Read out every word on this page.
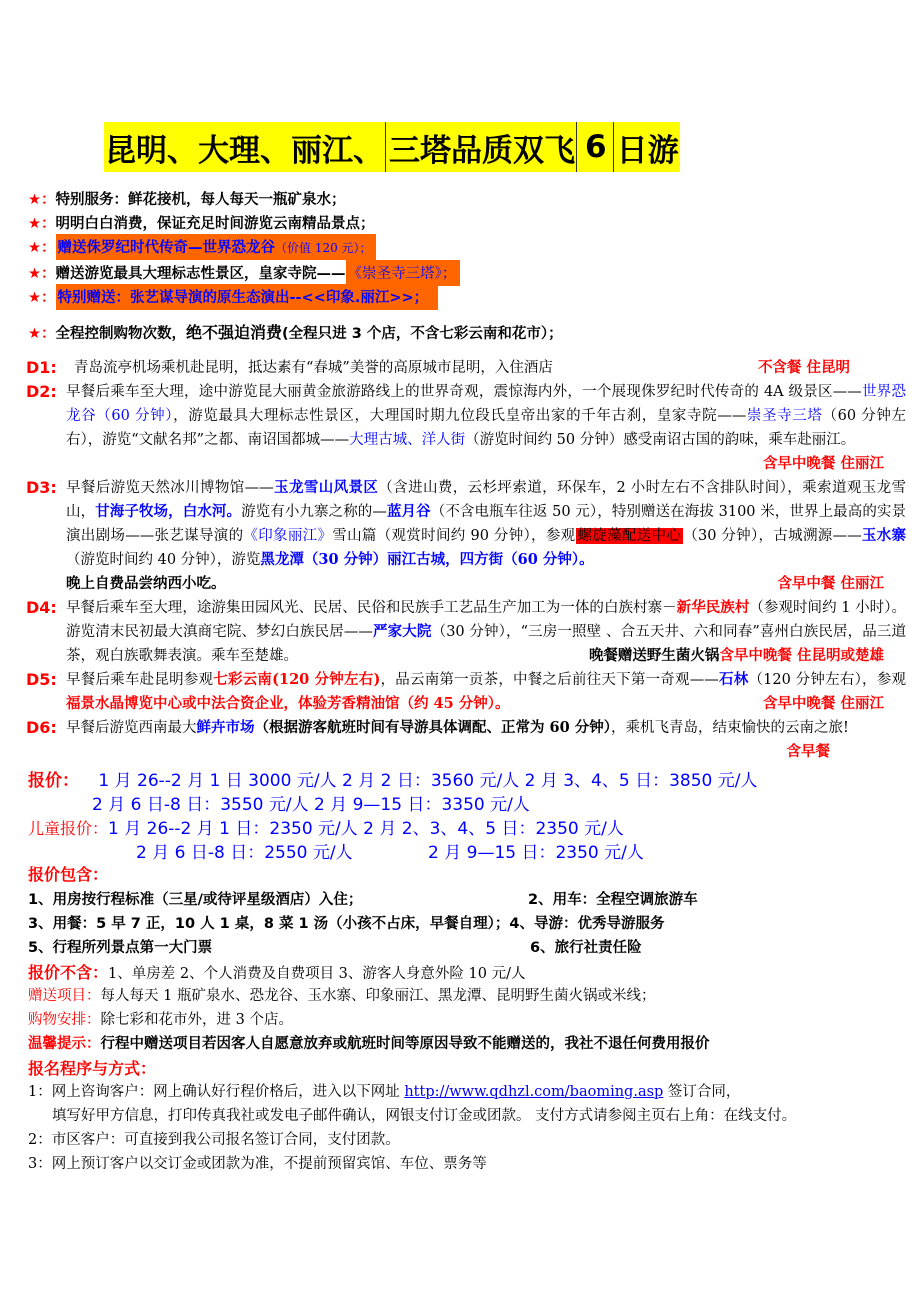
昆明、大理、丽江、 三塔品质双飞 6 日游
★：特别服务：鲜花接机，每人每天一瓶矿泉水；
★：明明白白消费，保证充足时间游览云南精品景点；
★： 赠送侏罗纪时代传奇—世界恐龙谷（价值 120 元）；
★：赠送游览最具大理标志性景区，皇家寺院—— 《崇圣寺三塔》；
★： 特别赠送：张艺谋导演的原生态演出--<<印象.丽江>>；
★：全程控制购物次数，绝不强迫消费(全程只进 3 个店，不含七彩云南和花市）；
D1:	不含餐 住昆明
青岛流亭机场乘机赴昆明，抵达素有“春城”美誉的高原城市昆明，入住酒店
D2: 早餐后乘车至大理，途中游览昆大丽黄金旅游路线上的世界奇观，震惊海内外，一个展现侏罗纪时代传奇的 4A 级景区——世界恐龙谷（60 分钟），游览最具大理标志性景区，大理国时期九位段氏皇帝出家的千年古刹，皇家寺院——崇圣寺三塔（60 分钟左右），游览“文献名邦”之都、南诏国都城——大理古城、洋人街（游览时间约 50 分钟）感受南诏古国的韵味，乘车赴丽江。
含早中晚餐 住丽江
D3: 早餐后游览天然冰川博物馆——玉龙雪山风景区（含进山费，云杉坪索道，环保车，2 小时左右不含排队时间），乘索道观玉龙雪山，甘海子牧场，白水河。游览有小九寨之称的—蓝月谷（不含电瓶车往返 50 元），特别赠送在海拔 3100 米，世界上最高的实景演出剧场——张艺谋导演的《印象丽江》雪山篇（观赏时间约 90 分钟），参观 螺旋藻配送中心 （30 分钟），古城溯源——玉水寨（游览时间约 40 分钟），游览黑龙潭（30 分钟）丽江古城，四方街（60 分钟）。
晚上自费品尝纳西小吃。	含早中餐 住丽江
D4: 早餐后乘车至大理，途游集田园风光、民居、民俗和民族手工艺品生产加工为一体的白族村寨－新华民族村（参观时间约 1 小时）。游览清末民初最大滇商宅院、梦幻白族民居——严家大院（30 分钟），“三房一照壁 、合五天井、六和同春”喜州白族民居，品三道茶，观白族歌舞表演。乘车至楚雄。	含早中晚餐 住昆明或楚雄
晚餐赠送野生菌火锅
D5: 早餐后乘车赴昆明参观七彩云南(120 分钟左右)，品云南第一贡茶，中餐之后前往天下第一奇观——石林（120 分钟左右），参观福景水晶博览中心或中法合资企业，体验芳香精油馆（约 45 分钟）。	含早中晚餐 住丽江
D6: 早餐后游览西南最大鲜卉市场（根据游客航班时间有导游具体调配、正常为 60 分钟），乘机飞青岛，结束愉快的云南之旅!
含早餐
报价： 1 月 26--2 月 1 日 3000 元/人 2 月 2 日：3560 元/人 2 月 3、4、5 日：3850 元/人
2 月 6 日-8 日：3550 元/人 2 月 9—15 日：3350 元/人
儿童报价：1 月 26--2 月 1 日：2350 元/人 2 月 2、3、4、5 日：2350 元/人
2 月 6 日-8 日：2550 元/人	2 月 9—15 日：2350 元/人
报价包含：
1、用房按行程标准（三星/或待评星级酒店）入住；	2、用车：全程空调旅游车
3、用餐：5 早 7 正，10 人 1 桌，8 菜 1 汤（小孩不占床，早餐自理）；4、导游：优秀导游服务
5、行程所列景点第一大门票	6、旅行社责任险
报价不含：1、单房差 2、个人消费及自费项目 3、游客人身意外险 10 元/人
赠送项目：每人每天 1 瓶矿泉水、恐龙谷、玉水寨、印象丽江、黑龙潭、昆明野生菌火锅或米线；
购物安排：除七彩和花市外，进 3 个店。
温馨提示：行程中赠送项目若因客人自愿意放弃或航班时间等原因导致不能赠送的，我社不退任何费用报价
报名程序与方式：
1：网上咨询客户：网上确认好行程价格后，进入以下网址 http://www.qdhzl.com/baoming.asp 签订合同，
填写好甲方信息，打印传真我社或发电子邮件确认，网银支付订金或团款。 支付方式请参阅主页右上角：在线支付。
2：市区客户：可直接到我公司报名签订合同，支付团款。
3：网上预订客户以交订金或团款为准，不提前预留宾馆、车位、票务等
